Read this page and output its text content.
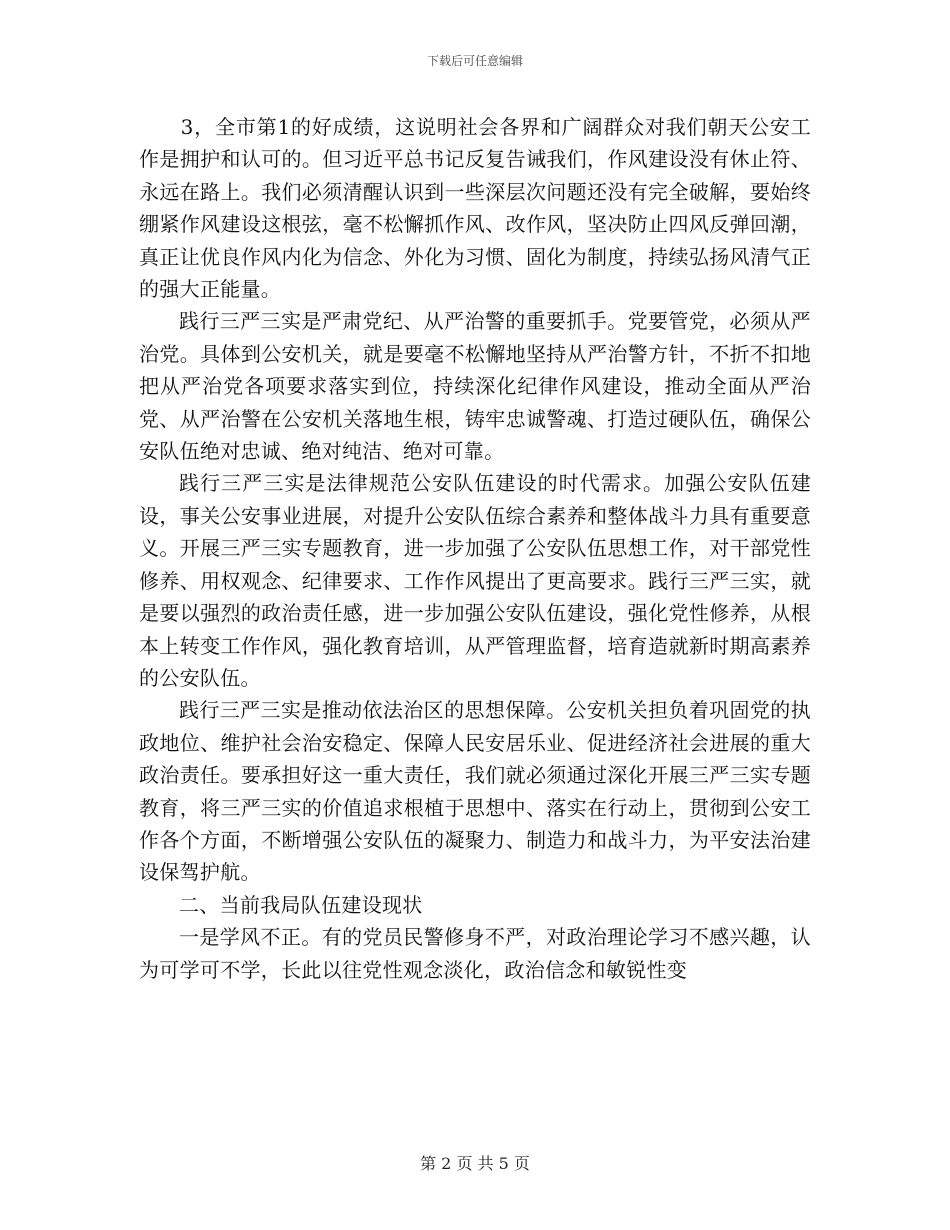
下载后可任意编辑

　　3，全市第1的好成绩，这说明社会各界和广阔群众对我们朝天公安工作是拥护和认可的。但习近平总书记反复告诫我们，作风建设没有休止符、永远在路上。我们必须清醒认识到一些深层次问题还没有完全破解，要始终绷紧作风建设这根弦，毫不松懈抓作风、改作风，坚决防止四风反弹回潮，真正让优良作风内化为信念、外化为习惯、固化为制度，持续弘扬风清气正的强大正能量。

践行三严三实是严肃党纪、从严治警的重要抓手。党要管党，必须从严治党。具体到公安机关，就是要毫不松懈地坚持从严治警方针，不折不扣地把从严治党各项要求落实到位，持续深化纪律作风建设，推动全面从严治党、从严治警在公安机关落地生根，铸牢忠诚警魂、打造过硬队伍，确保公安队伍绝对忠诚、绝对纯洁、绝对可靠。

践行三严三实是法律规范公安队伍建设的时代需求。加强公安队伍建设，事关公安事业进展，对提升公安队伍综合素养和整体战斗力具有重要意义。开展三严三实专题教育，进一步加强了公安队伍思想工作，对干部党性修养、用权观念、纪律要求、工作作风提出了更高要求。践行三严三实，就是要以强烈的政治责任感，进一步加强公安队伍建设，强化党性修养，从根本上转变工作作风，强化教育培训，从严管理监督，培育造就新时期高素养的公安队伍。

践行三严三实是推动依法治区的思想保障。公安机关担负着巩固党的执政地位、维护社会治安稳定、保障人民安居乐业、促进经济社会进展的重大政治责任。要承担好这一重大责任，我们就必须通过深化开展三严三实专题教育，将三严三实的价值追求根植于思想中、落实在行动上，贯彻到公安工作各个方面，不断增强公安队伍的凝聚力、制造力和战斗力，为平安法治建设保驾护航。

二、当前我局队伍建设现状

一是学风不正。有的党员民警修身不严，对政治理论学习不感兴趣，认为可学可不学，长此以往党性观念淡化，政治信念和敏锐性变

第 2 页 共 5 页
